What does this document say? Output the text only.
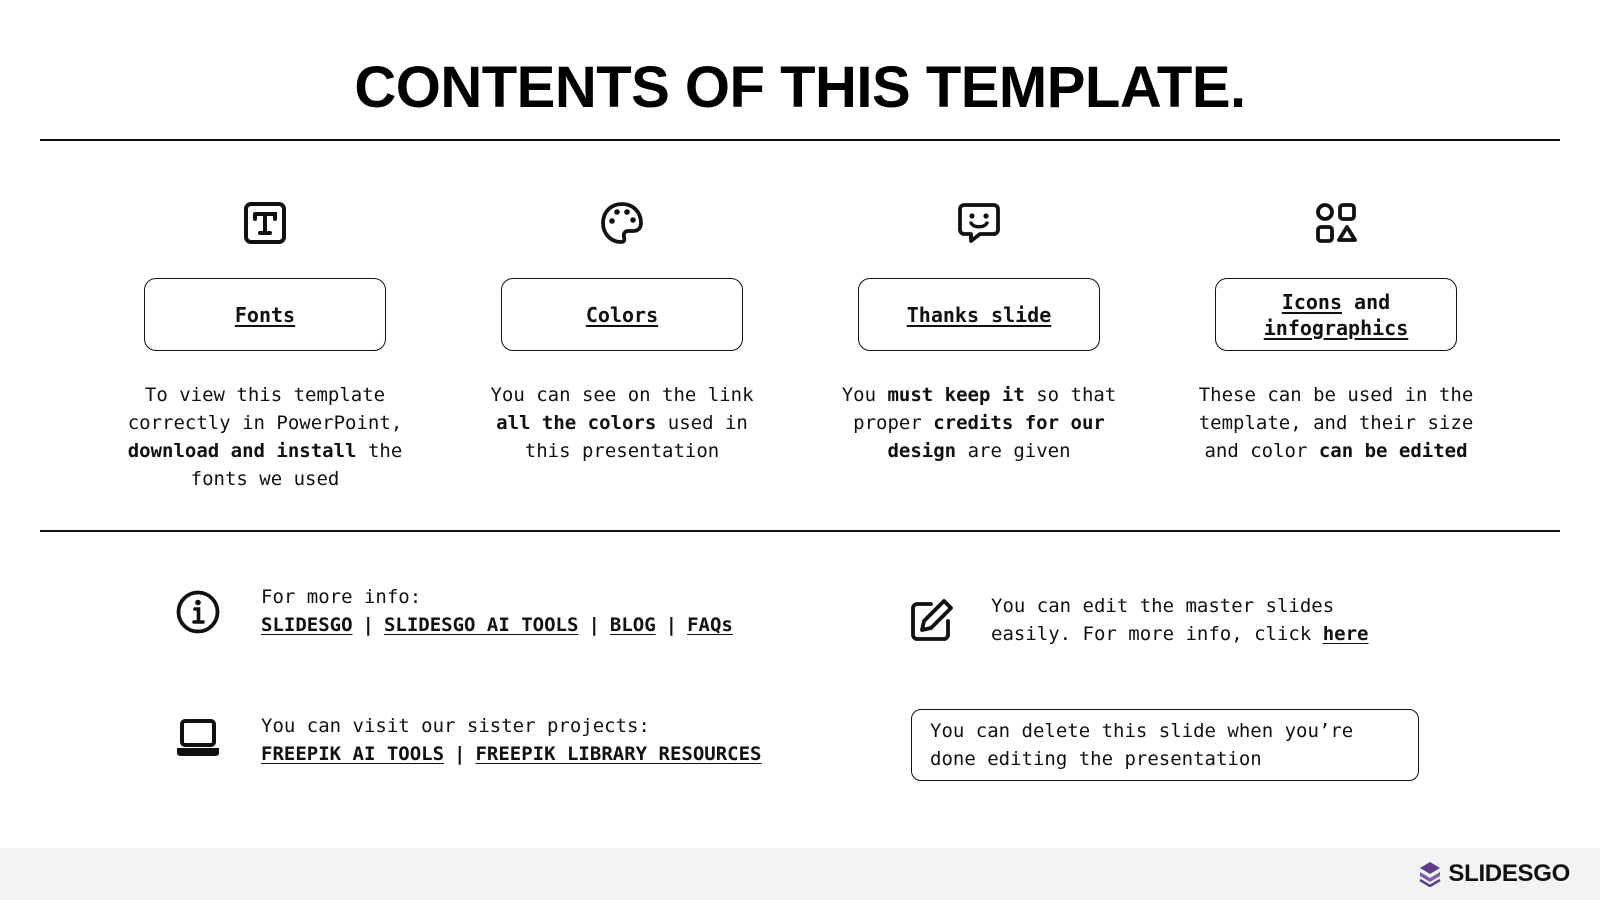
CONTENTS OF THIS TEMPLATE.
Fonts
To view this template
correctly in PowerPoint,
download and install the
fonts we used
Colors
You can see on the link
all the colors used in
this presentation
Thanks slide
You must keep it so that
proper credits for our
design are given
Icons and infographics
These can be used in the
template, and their size
and color can be edited
For more info:
SLIDESGO | SLIDESGO AI TOOLS | BLOG | FAQs
You can edit the master slides
easily. For more info, click here
You can visit our sister projects:
FREEPIK AI TOOLS | FREEPIK LIBRARY RESOURCES
You can delete this slide when you’re
done editing the presentation
SLIDESGO
